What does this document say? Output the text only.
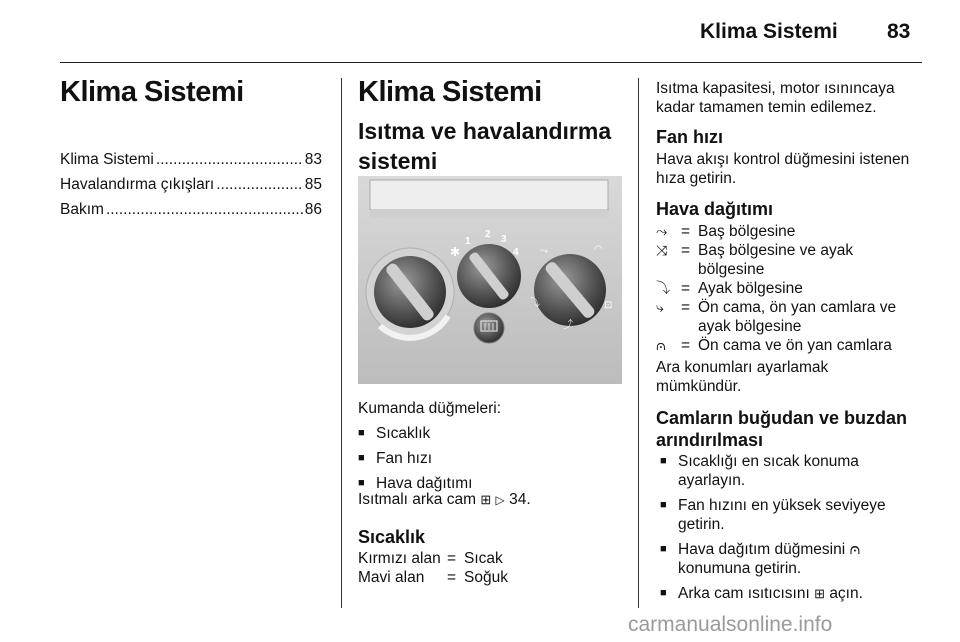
Klima Sistemi 83
Klima Sistemi
Klima Sistemi .....	83
Havalandırma çıkışları .....	85
Bakım .....	86
Klima Sistemi
Isıtma ve havalandırma
sistemi
1
2 3
4
✱	⤳	◠
⤵	⊡
⤴
Kumanda düğmeleri:
■ Sıcaklık
■ Fan hızı
■ Hava dağıtımı
Isıtmalı arka cam ⊞ ▷ 34.
Sıcaklık
Kırmızı alan = Sıcak
Mavi alan	= Soğuk
Isıtma kapasitesi, motor ısınıncaya
kadar tamamen temin edilemez.
Fan hızı
Hava akışı kontrol düğmesini istenen
hıza getirin.
Hava dağıtımı
⤳ = Baş bölgesine
⤨ = Baş bölgesine ve ayak
bölgesine
⤵ = Ayak bölgesine
⤷	= Ön cama, ön yan camlara ve
ayak bölgesine
⩀ = Ön cama ve ön yan camlara
Ara konumları ayarlamak
mümkündür.
Camların buğudan ve buzdan
arındırılması
■ Sıcaklığı en sıcak konuma
ayarlayın.
■ Fan hızını en yüksek seviyeye
getirin.
■ Hava dağıtım düğmesini ⩀
konumuna getirin.
■ Arka cam ısıtıcısını ⊞ açın.
carmanualsonline.info
